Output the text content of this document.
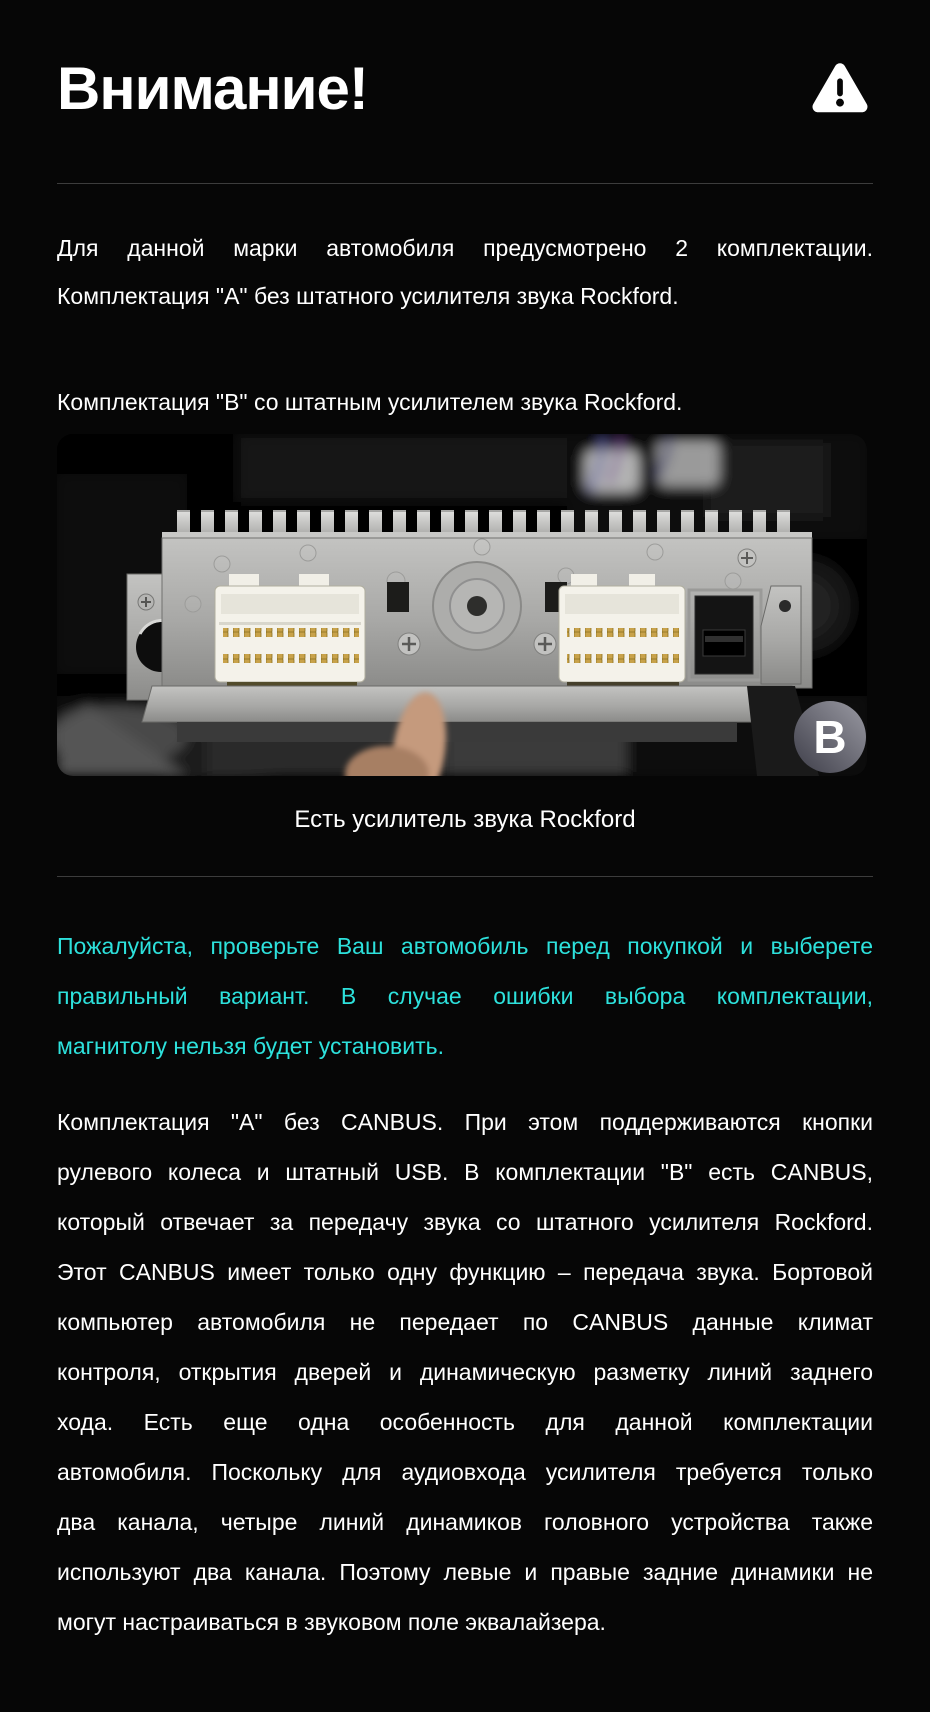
Внимание!
Для данной марки автомобиля предусмотрено 2 комплектации.
Комплектация "А" без штатного усилителя звука Rockford.
Комплектация "B" со штатным усилителем звука Rockford.
B
Есть усилитель звука Rockford
Пожалуйста, проверьте Ваш автомобиль перед покупкой и выберете
правильный вариант. В случае ошибки выбора комплектации,
магнитолу нельзя будет установить.
Комплектация "А" без CANBUS. При этом поддерживаются кнопки
рулевого колеса и штатный USB. В комплектации "В" есть CANBUS,
который отвечает за передачу звука со штатного усилителя Rockford.
Этот CANBUS имеет только одну функцию – передача звука. Бортовой
компьютер автомобиля не передает по CANBUS данные климат
контроля, открытия дверей и динамическую разметку линий заднего
хода. Есть еще одна особенность для данной комплектации
автомобиля. Поскольку для аудиовхода усилителя требуется только
два канала, четыре линий динамиков головного устройства также
используют два канала. Поэтому левые и правые задние динамики не
могут настраиваться в звуковом поле эквалайзера.
